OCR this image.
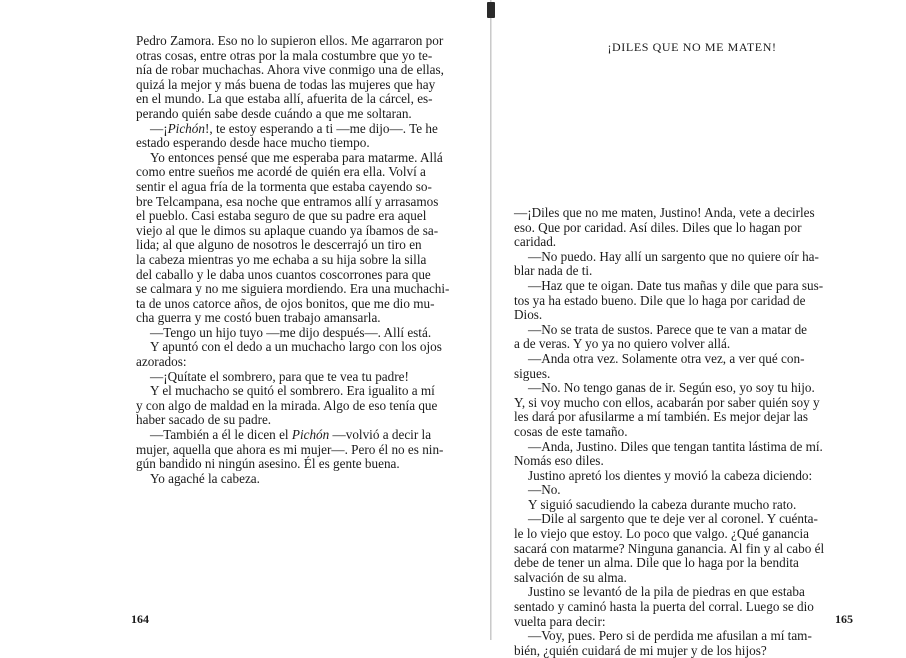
Pedro Zamora. Eso no lo supieron ellos. Me agarraron por
otras cosas, entre otras por la mala costumbre que yo te-
nía de robar muchachas. Ahora vive conmigo una de ellas,
quizá la mejor y más buena de todas las mujeres que hay
en el mundo. La que estaba allí, afuerita de la cárcel, es-
perando quién sabe desde cuándo a que me soltaran.
—¡Pichón!, te estoy esperando a ti —me dijo—. Te he
estado esperando desde hace mucho tiempo.
Yo entonces pensé que me esperaba para matarme. Allá
como entre sueños me acordé de quién era ella. Volví a
sentir el agua fría de la tormenta que estaba cayendo so-
bre Telcampana, esa noche que entramos allí y arrasamos
el pueblo. Casi estaba seguro de que su padre era aquel
viejo al que le dimos su aplaque cuando ya íbamos de sa-
lida; al que alguno de nosotros le descerrajó un tiro en
la cabeza mientras yo me echaba a su hija sobre la silla
del caballo y le daba unos cuantos coscorrones para que
se calmara y no me siguiera mordiendo. Era una muchachi-
ta de unos catorce años, de ojos bonitos, que me dio mu-
cha guerra y me costó buen trabajo amansarla.
—Tengo un hijo tuyo —me dijo después—. Allí está.
Y apuntó con el dedo a un muchacho largo con los ojos
azorados:
—¡Quítate el sombrero, para que te vea tu padre!
Y el muchacho se quitó el sombrero. Era igualito a mí
y con algo de maldad en la mirada. Algo de eso tenía que
haber sacado de su padre.
—También a él le dicen el Pichón —volvió a decir la
mujer, aquella que ahora es mi mujer—. Pero él no es nin-
gún bandido ni ningún asesino. Él es gente buena.
Yo agaché la cabeza.
164
¡DILES QUE NO ME MATEN!
—¡Diles que no me maten, Justino! Anda, vete a decirles
eso. Que por caridad. Así diles. Diles que lo hagan por
caridad.
—No puedo. Hay allí un sargento que no quiere oír ha-
blar nada de ti.
—Haz que te oigan. Date tus mañas y dile que para sus-
tos ya ha estado bueno. Dile que lo haga por caridad de
Dios.
—No se trata de sustos. Parece que te van a matar de
a de veras. Y yo ya no quiero volver allá.
—Anda otra vez. Solamente otra vez, a ver qué con-
sigues.
—No. No tengo ganas de ir. Según eso, yo soy tu hijo.
Y, si voy mucho con ellos, acabarán por saber quién soy y
les dará por afusilarme a mí también. Es mejor dejar las
cosas de este tamaño.
—Anda, Justino. Diles que tengan tantita lástima de mí.
Nomás eso diles.
Justino apretó los dientes y movió la cabeza diciendo:
—No.
Y siguió sacudiendo la cabeza durante mucho rato.
—Dile al sargento que te deje ver al coronel. Y cuénta-
le lo viejo que estoy. Lo poco que valgo. ¿Qué ganancia
sacará con matarme? Ninguna ganancia. Al fin y al cabo él
debe de tener un alma. Dile que lo haga por la bendita
salvación de su alma.
Justino se levantó de la pila de piedras en que estaba
sentado y caminó hasta la puerta del corral. Luego se dio
vuelta para decir:
—Voy, pues. Pero si de perdida me afusilan a mí tam-
bién, ¿quién cuidará de mi mujer y de los hijos?
165
